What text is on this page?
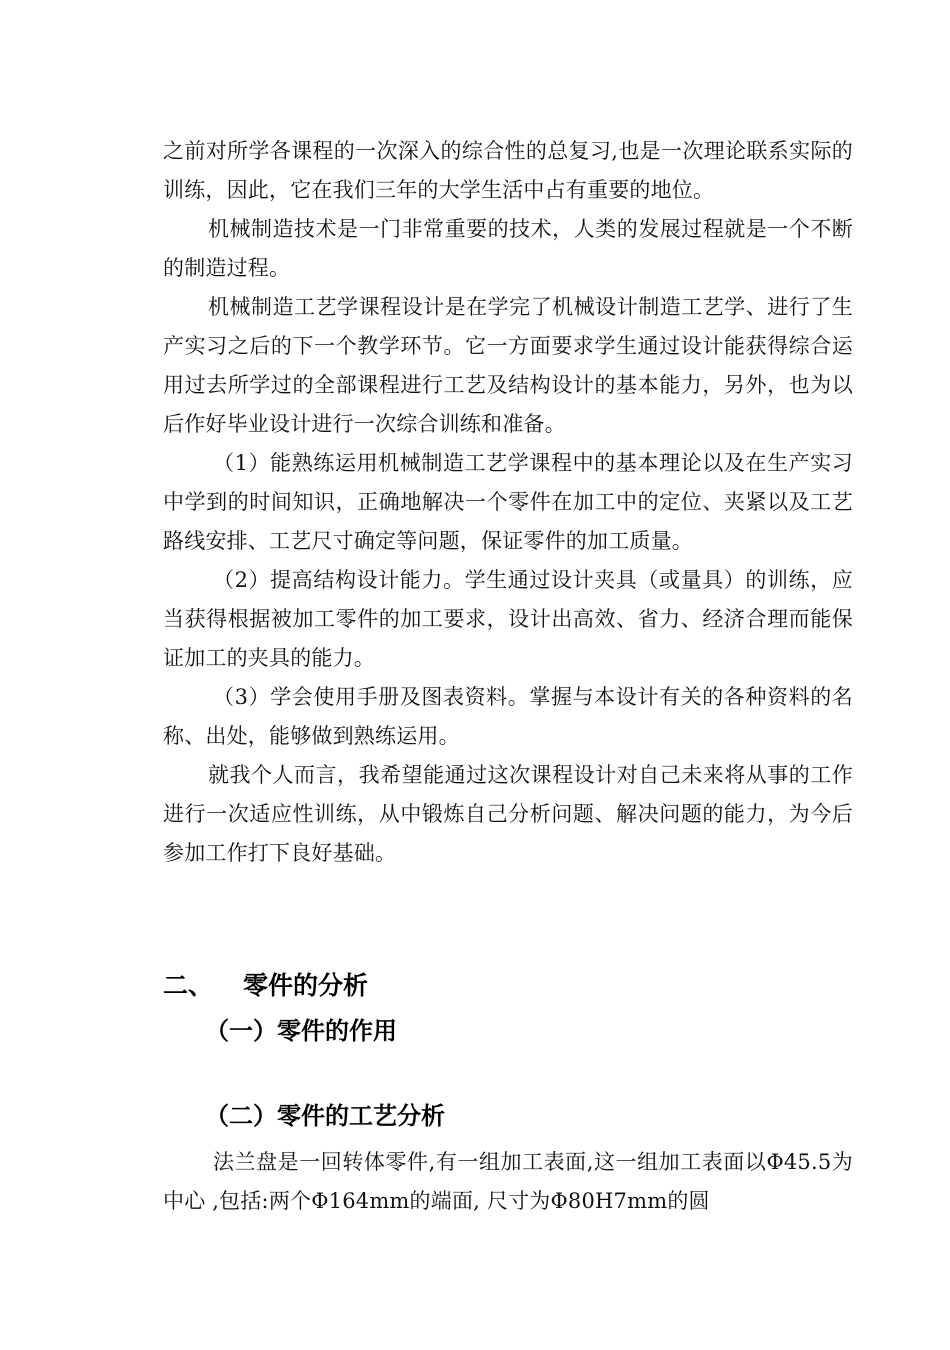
之前对所学各课程的一次深入的综合性的总复习,也是一次理论联系实际的训练，因此，它在我们三年的大学生活中占有重要的地位。

机械制造技术是一门非常重要的技术，人类的发展过程就是一个不断的制造过程。

机械制造工艺学课程设计是在学完了机械设计制造工艺学、进行了生产实习之后的下一个教学环节。它一方面要求学生通过设计能获得综合运用过去所学过的全部课程进行工艺及结构设计的基本能力，另外，也为以后作好毕业设计进行一次综合训练和准备。

（1）能熟练运用机械制造工艺学课程中的基本理论以及在生产实习中学到的时间知识，正确地解决一个零件在加工中的定位、夹紧以及工艺路线安排、工艺尺寸确定等问题，保证零件的加工质量。

（2）提高结构设计能力。学生通过设计夹具（或量具）的训练，应当获得根据被加工零件的加工要求，设计出高效、省力、经济合理而能保证加工的夹具的能力。

（3）学会使用手册及图表资料。掌握与本设计有关的各种资料的名称、出处，能够做到熟练运用。

就我个人而言，我希望能通过这次课程设计对自己未来将从事的工作进行一次适应性训练，从中锻炼自己分析问题、解决问题的能力，为今后参加工作打下良好基础。

二、 零件的分析
（一）零件的作用
（二）零件的工艺分析

法兰盘是一回转体零件,有一组加工表面,这一组加工表面以Φ45.5为中心 ,包括:两个Φ164mm的端面, 尺寸为Φ80H7mm的圆
